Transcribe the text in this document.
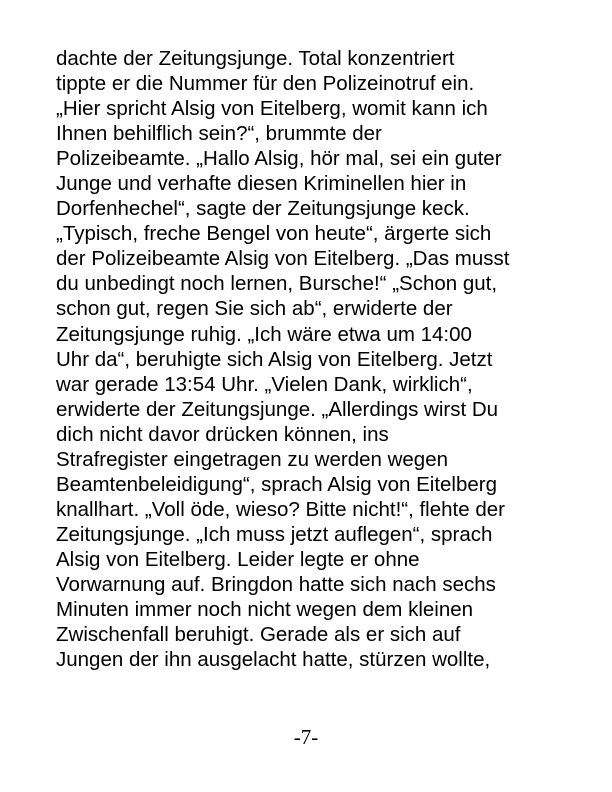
dachte der Zeitungsjunge. Total konzentriert
tippte er die Nummer für den Polizeinotruf ein.
„Hier spricht Alsig von Eitelberg, womit kann ich
Ihnen behilflich sein?“, brummte der
Polizeibeamte. „Hallo Alsig, hör mal, sei ein guter
Junge und verhafte diesen Kriminellen hier in
Dorfenhechel“, sagte der Zeitungsjunge keck.
„Typisch, freche Bengel von heute“, ärgerte sich
der Polizeibeamte Alsig von Eitelberg. „Das musst
du unbedingt noch lernen, Bursche!“ „Schon gut,
schon gut, regen Sie sich ab“, erwiderte der
Zeitungsjunge ruhig. „Ich wäre etwa um 14:00
Uhr da“, beruhigte sich Alsig von Eitelberg. Jetzt
war gerade 13:54 Uhr. „Vielen Dank, wirklich“,
erwiderte der Zeitungsjunge. „Allerdings wirst Du
dich nicht davor drücken können, ins
Strafregister eingetragen zu werden wegen
Beamtenbeleidigung“, sprach Alsig von Eitelberg
knallhart. „Voll öde, wieso? Bitte nicht!“, flehte der
Zeitungsjunge. „Ich muss jetzt auflegen“, sprach
Alsig von Eitelberg. Leider legte er ohne
Vorwarnung auf. Bringdon hatte sich nach sechs
Minuten immer noch nicht wegen dem kleinen
Zwischenfall beruhigt. Gerade als er sich auf
Jungen der ihn ausgelacht hatte, stürzen wollte,
-7-
